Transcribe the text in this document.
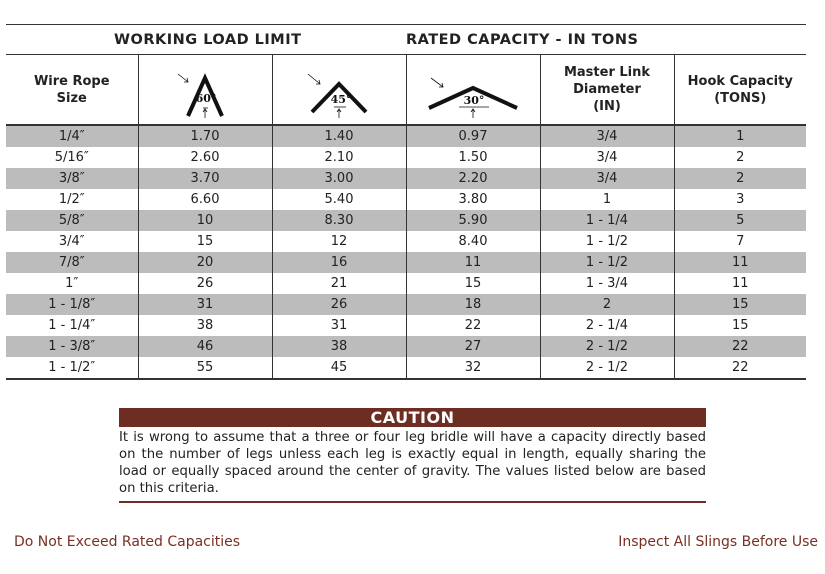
WORKING LOAD LIMIT			RATED CAPACITY - IN TONS		
Wire Rope Size	60°	45°	30°	Master Link Diameter (IN)	Hook Capacity (TONS)
1/4″	1.70	1.40	0.97	3/4	1
5/16″	2.60	2.10	1.50	3/4	2
3/8″	3.70	3.00	2.20	3/4	2
1/2″	6.60	5.40	3.80	1	3
5/8″	10	8.30	5.90	1 - 1/4	5
3/4″	15	12	8.40	1 - 1/2	7
7/8″	20	16	11	1 - 1/2	11
1″	26	21	15	1 - 3/4	11
1 - 1/8″	31	26	18	2	15
1 - 1/4″	38	31	22	2 - 1/4	15
1 - 3/8″	46	38	27	2 - 1/2	22
1 - 1/2″	55	45	32	2 - 1/2	22
CAUTION
It is wrong to assume that a three or four leg bridle will have a capacity directly based on the number of legs unless each leg is exactly equal in length, equally sharing the load or equally spaced around the center of gravity. The values listed below are based on this criteria.
Do Not Exceed Rated Capacities	Inspect All Slings Before Use
